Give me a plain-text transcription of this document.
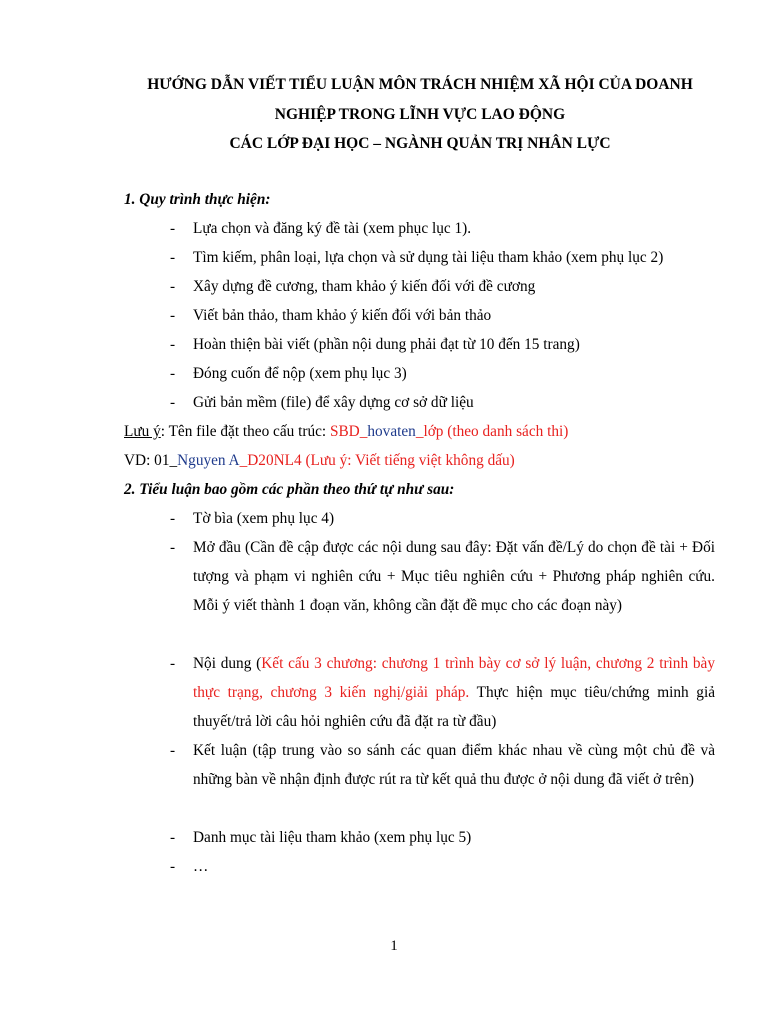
HƯỚNG DẪN VIẾT TIỂU LUẬN MÔN TRÁCH NHIỆM XÃ HỘI CỦA DOANH
NGHIỆP TRONG LĨNH VỰC LAO ĐỘNG
CÁC LỚP ĐẠI HỌC – NGÀNH QUẢN TRỊ NHÂN LỰC
1. Quy trình thực hiện:
- Lựa chọn và đăng ký đề tài (xem phục lục 1).
- Tìm kiếm, phân loại, lựa chọn và sử dụng tài liệu tham khảo (xem phụ lục 2)
- Xây dựng đề cương, tham khảo ý kiến đối với đề cương
- Viết bản thảo, tham khảo ý kiến đối với bản thảo
- Hoàn thiện bài viết (phần nội dung phải đạt từ 10 đến 15 trang)
- Đóng cuốn để nộp (xem phụ lục 3)
- Gửi bản mềm (file) để xây dựng cơ sở dữ liệu
Lưu ý: Tên file đặt theo cấu trúc: SBD_hovaten_lớp (theo danh sách thi)
VD: 01_Nguyen A_D20NL4 (Lưu ý: Viết tiếng việt không dấu)
2. Tiểu luận bao gồm các phần theo thứ tự như sau:
- Tờ bìa (xem phụ lục 4)
- Mở đầu (Cần đề cập được các nội dung sau đây: Đặt vấn đề/Lý do chọn đề tài + Đối tượng và phạm vi nghiên cứu + Mục tiêu nghiên cứu + Phương pháp nghiên cứu. Mỗi ý viết thành 1 đoạn văn, không cần đặt đề mục cho các đoạn này)
- Nội dung (Kết cấu 3 chương: chương 1 trình bày cơ sở lý luận, chương 2 trình bày thực trạng, chương 3 kiến nghị/giải pháp. Thực hiện mục tiêu/chứng minh giả thuyết/trả lời câu hỏi nghiên cứu đã đặt ra từ đầu)
- Kết luận (tập trung vào so sánh các quan điểm khác nhau về cùng một chủ đề và những bàn về nhận định được rút ra từ kết quả thu được ở nội dung đã viết ở trên)
- Danh mục tài liệu tham khảo (xem phụ lục 5)
- …
1
